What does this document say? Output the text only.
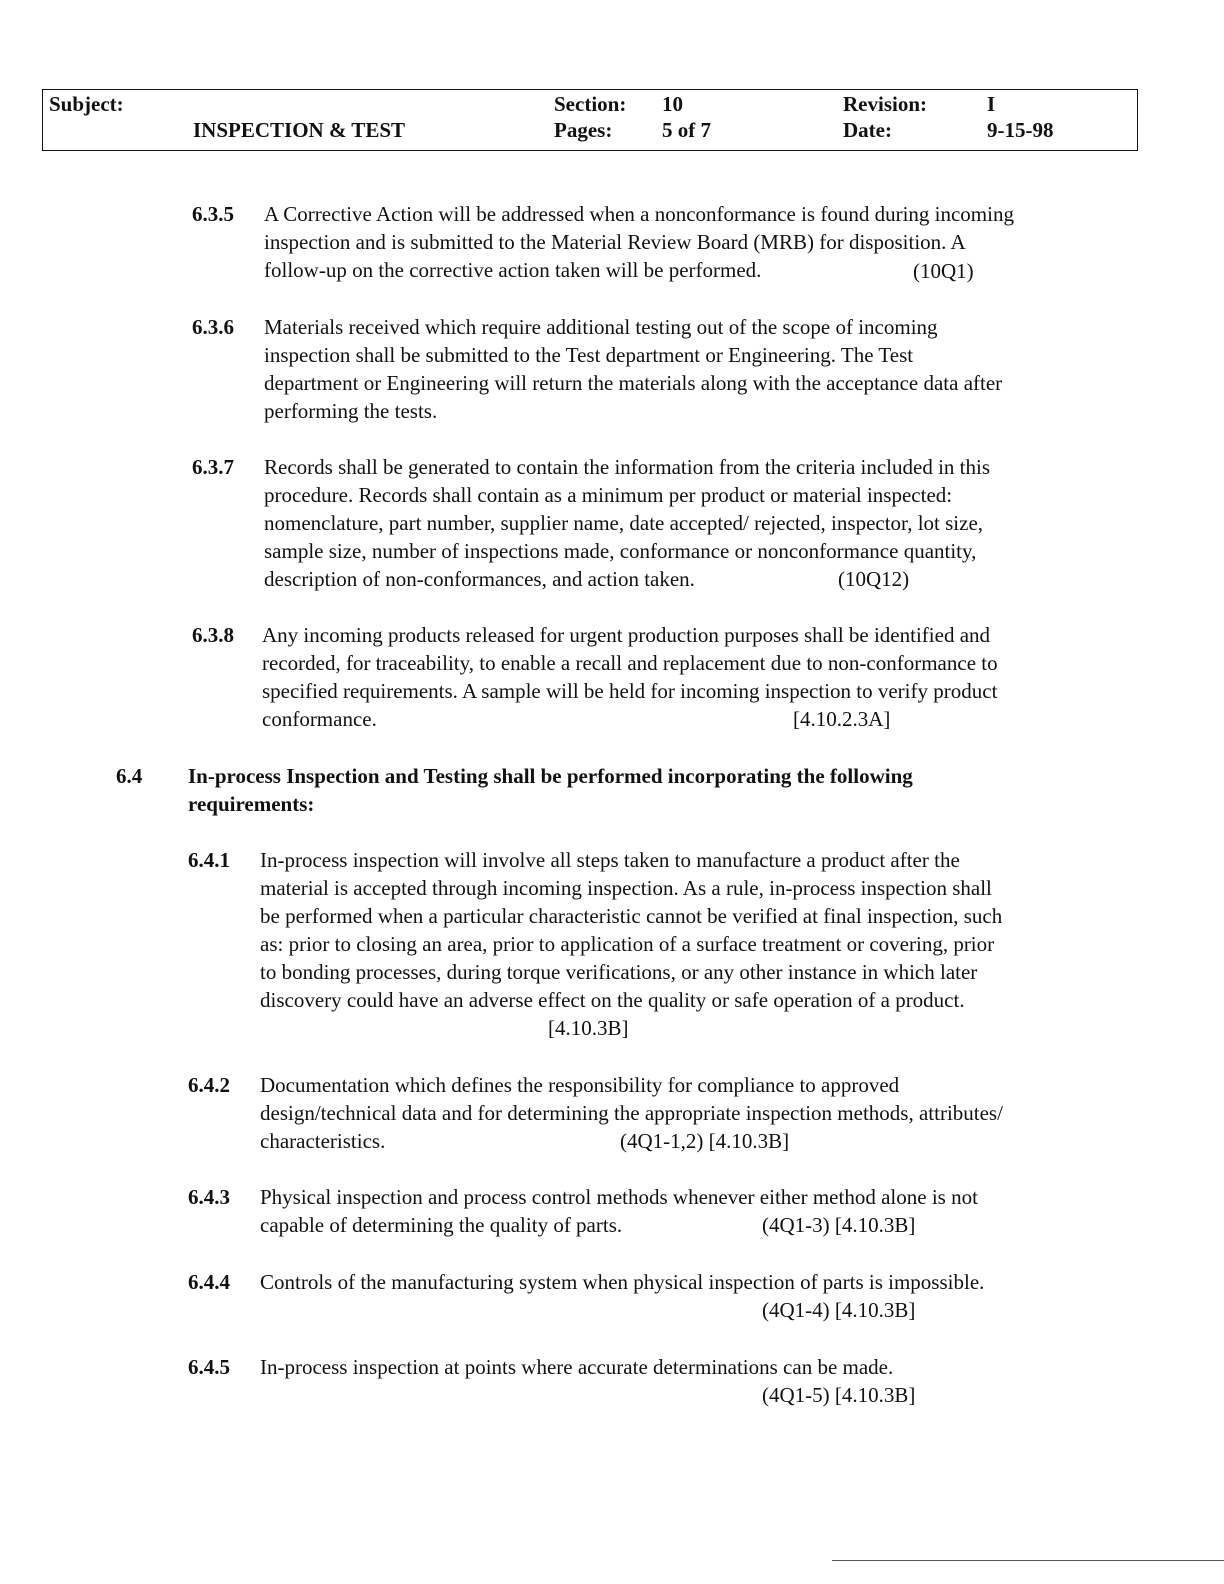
Subject:
INSPECTION & TEST
Section: 10
Pages: 5 of 7
Revision:	I
Date:	9-15-98
6.3.5 A Corrective Action will be addressed when a nonconformance is found during incoming
inspection and is submitted to the Material Review Board (MRB) for disposition. A
follow-up on the corrective action taken will be performed.	(10Q1)
6.3.6 Materials received which require additional testing out of the scope of incoming
inspection shall be submitted to the Test department or Engineering. The Test
department or Engineering will return the materials along with the acceptance data after
performing the tests.
6.3.7 Records shall be generated to contain the information from the criteria included in this
procedure. Records shall contain as a minimum per product or material inspected:
nomenclature, part number, supplier name, date accepted/ rejected, inspector, lot size,
sample size, number of inspections made, conformance or nonconformance quantity,
description of non-conformances, and action taken.	(10Q12)
6.3.8 Any incoming products released for urgent production purposes shall be identified and
recorded, for traceability, to enable a recall and replacement due to non-conformance to
specified requirements. A sample will be held for incoming inspection to verify product
conformance.	[4.10.2.3A]
6.4 In-process Inspection and Testing shall be performed incorporating the following
requirements:
6.4.1 In-process inspection will involve all steps taken to manufacture a product after the
material is accepted through incoming inspection. As a rule, in-process inspection shall
be performed when a particular characteristic cannot be verified at final inspection, such
as: prior to closing an area, prior to application of a surface treatment or covering, prior
to bonding processes, during torque verifications, or any other instance in which later
discovery could have an adverse effect on the quality or safe operation of a product.
[4.10.3B]
6.4.2 Documentation which defines the responsibility for compliance to approved
design/technical data and for determining the appropriate inspection methods, attributes/
characteristics.	(4Q1-1,2) [4.10.3B]
6.4.3 Physical inspection and process control methods whenever either method alone is not
capable of determining the quality of parts.	(4Q1-3) [4.10.3B]
6.4.4 Controls of the manufacturing system when physical inspection of parts is impossible.
(4Q1-4) [4.10.3B]
6.4.5 In-process inspection at points where accurate determinations can be made.
(4Q1-5) [4.10.3B]
